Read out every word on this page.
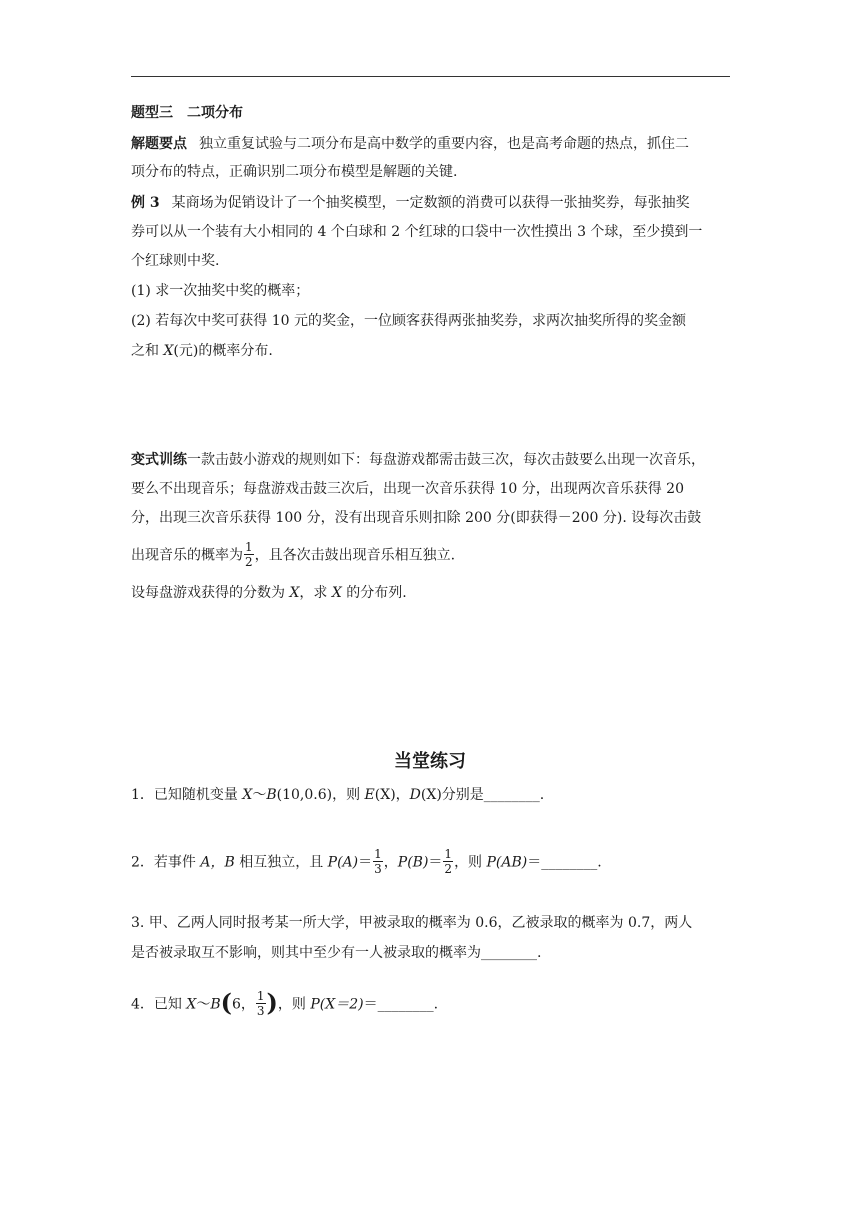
题型三　二项分布
解题要点 独立重复试验与二项分布是高中数学的重要内容，也是高考命题的热点，抓住二
项分布的特点，正确识别二项分布模型是解题的关键.
例 3 某商场为促销设计了一个抽奖模型，一定数额的消费可以获得一张抽奖券，每张抽奖
券可以从一个装有大小相同的 4 个白球和 2 个红球的口袋中一次性摸出 3 个球，至少摸到一
个红球则中奖.
(1) 求一次抽奖中奖的概率；
(2) 若每次中奖可获得 10 元的奖金，一位顾客获得两张抽奖券，求两次抽奖所得的奖金额
之和 X(元)的概率分布.
变式训练一款击鼓小游戏的规则如下：每盘游戏都需击鼓三次，每次击鼓要么出现一次音乐，
要么不出现音乐；每盘游戏击鼓三次后，出现一次音乐获得 10 分，出现两次音乐获得 20
分，出现三次音乐获得 100 分，没有出现音乐则扣除 200 分(即获得－200 分). 设每次击鼓
出现音乐的概率为 $\frac{1}{2}$ ，且各次击鼓出现音乐相互独立.
设每盘游戏获得的分数为 X，求 X 的分布列.
当堂练习
1．已知随机变量 X～B(10,0.6)，则 E(X)，D(X)分别是________.
2．若事件 A，B 相互独立，且 $P(A)= \frac{1}{3}$ ，$P(B)= \frac{1}{2}$ ，则 P(AB)＝________.
3. 甲、乙两人同时报考某一所大学，甲被录取的概率为 0.6，乙被录取的概率为 0.7，两人
是否被录取互不影响，则其中至少有一人被录取的概率为________.
4．已知 X～B(6， $\frac{1}{3}$ )，则 P(X＝2)＝________.
